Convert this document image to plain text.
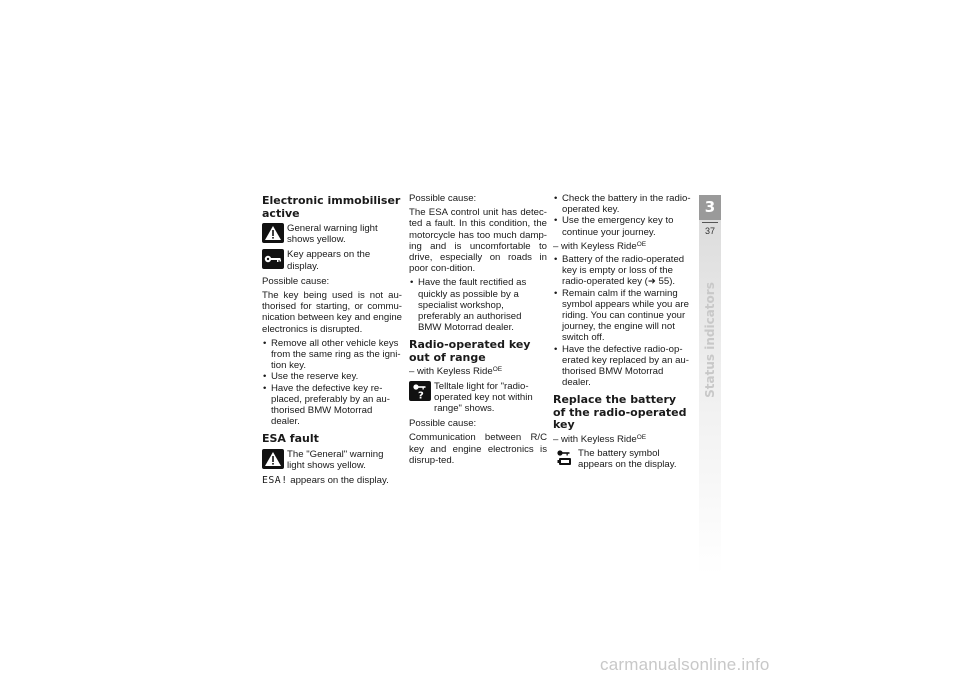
Electronic immobiliser active
General warning light shows yellow.
Key appears on the display.

Possible cause:

The key being used is not au-thorised for starting, or commu-nication between key and engine electronics is disrupted.

• Remove all other vehicle keys from the same ring as the igni-tion key.
• Use the reserve key.
• Have the defective key re-placed, preferably by an au-thorised BMW Motorrad dealer.
ESA fault
The "General" warning light shows yellow.

ESA! appears on the display.

Possible cause:

The ESA control unit has detec-ted a fault. In this condition, the motorcycle has too much damp-ing and is uncomfortable to drive, especially on roads in poor con-dition.

• Have the fault rectified as quickly as possible by a specialist workshop, preferably an authorised BMW Motorrad dealer.
Radio-operated key out of range

– with Keyless Ride$^{OE}$

?
Telltale light for "radio-operated key not within range" shows.

Possible cause:

Communication between R/C key and engine electronics is disrup-ted.

• Check the battery in the radio-operated key.
• Use the emergency key to continue your journey.

– with Keyless Ride$^{OE}$

• Battery of the radio-operated key is empty or loss of the radio-operated key (➜ 55).
• Remain calm if the warning symbol appears while you are riding. You can continue your journey, the engine will not switch off.
• Have the defective radio-op-erated key replaced by an au-thorised BMW Motorrad dealer.
Replace the battery of the radio-operated key

– with Keyless Ride$^{OE}$

The battery symbol appears on the display.
3
37
Status indicators
carmanualsonline.info
